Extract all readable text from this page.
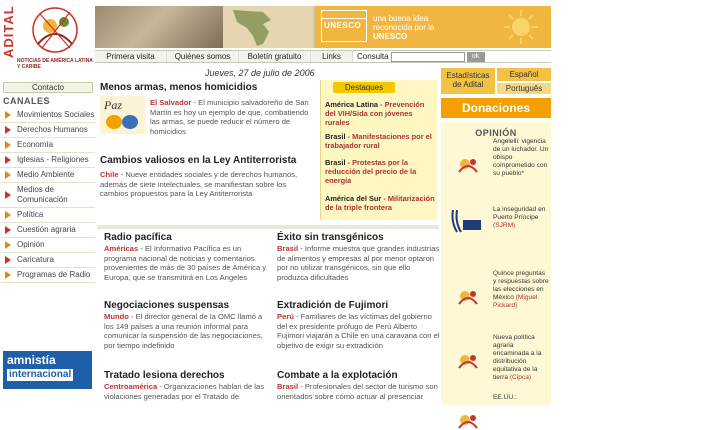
ADITAL
NOTICIAS DE AMÉRICA LATINA Y CARIBE
Contacto
CANALES
Movimientos Sociales
Derechos Humanos
Economía
Iglesias - Religiones
Medio Ambiente
Medios de Comunicación
Política
Cuestión agraria
Opinión
Caricatura
Programas de Radio
amnistía
internacional
UNESCO
una buena idea
reconocida por la
UNESCO
Primera visita	Quiénes somos	Boletín gratuito	Links	Consulta	ok
Jueves, 27 de julio de 2006
Menos armas, menos homicidios
Paz	El Salvador - El municipio salvadoreño de San Martín es hoy un ejemplo de que, combatiendo las armas, se puede reducir el número de homicidios
Cambios valiosos en la Ley Antiterrorista
Chile - Nueve entidades sociales y de derechos humanos, además de siete intelectuales, se manifiestan sobre los cambios propuestos para la Ley Antiterrorista
Destaques
América Latina - Prevención del VIH/Sida con jóvenes rurales
Brasil - Manifestaciones por el trabajador rural
Brasil - Protestas por la reducción del precio de la energía
América del Sur - Militarización de la triple frontera
Radio pacífica
Américas - El Informativo Pacífica es un programa nacional de noticias y comentarios provenientes de más de 30 países de América y Europa, que se transmitirá en Los Angeles
Éxito sin transgénicos
Brasil - Informe muestra que grandes industrias de alimentos y empresas al por menor optaron por no utilizar transgénicos, sin que ello produzca dificultades
Negociaciones suspensas
Mundo - El director general de la OMC llamó a los 149 países a una reunión informal para comunicar la suspensión de las negociaciones, por tiempo indefinido
Extradición de Fujimori
Perú - Familiares de las víctimas del gobierno del ex presidente prófugo de Perú Alberto Fujimori viajarán a Chile en una caravana con el objetivo de exigir su extradición
Tratado lesiona derechos
Centroamérica - Organizaciones hablan de las violaciones generadas por el Tratado de
Combate a la explotación
Brasil - Profesionales del sector de turismo son orientados sobre cómo actuar al presenciar
Estadísticas de Adital
Español
Português
Donaciones
OPINIÓN
Angelelli: vigencia de un luchador. Un obispo comprometido con su pueblo*
La inseguridad en Puerto Príncipe (SJRM)
Quince preguntas y respuestas sobre las elecciones en México (Miguel Pickard)
Nueva política agraria encaminada a la distribución equitativa de la tierra (Cipca)
EE.UU.:
